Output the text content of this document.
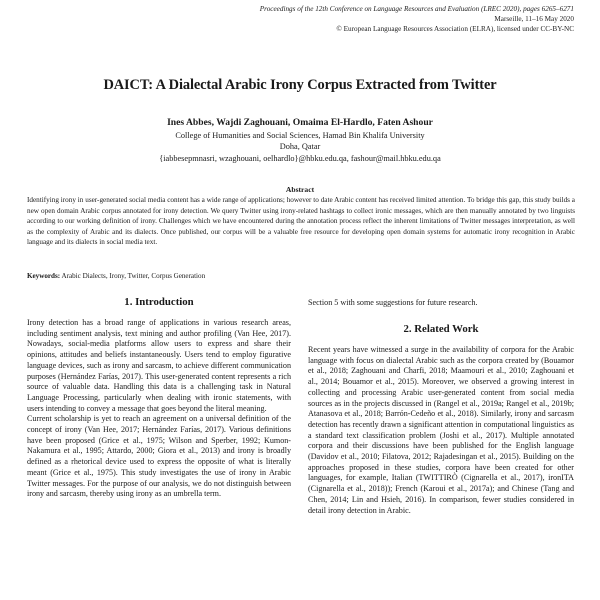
Proceedings of the 12th Conference on Language Resources and Evaluation (LREC 2020), pages 6265–6271
Marseille, 11–16 May 2020
© European Language Resources Association (ELRA), licensed under CC-BY-NC
DAICT: A Dialectal Arabic Irony Corpus Extracted from Twitter
Ines Abbes, Wajdi Zaghouani, Omaima El-Hardlo, Faten Ashour
College of Humanities and Social Sciences, Hamad Bin Khalifa University
Doha, Qatar
{iabbesepmnasri, wzaghouani, oelhardlo}@hbku.edu.qa, fashour@mail.hbku.edu.qa
Abstract
Identifying irony in user-generated social media content has a wide range of applications; however to date Arabic content has received limited attention. To bridge this gap, this study builds a new open domain Arabic corpus annotated for irony detection. We query Twitter using irony-related hashtags to collect ironic messages, which are then manually annotated by two linguists according to our working definition of irony. Challenges which we have encountered during the annotation process reflect the inherent limitations of Twitter messages interpretation, as well as the complexity of Arabic and its dialects. Once published, our corpus will be a valuable free resource for developing open domain systems for automatic irony recognition in Arabic language and its dialects in social media text.
Keywords: Arabic Dialects, Irony, Twitter, Corpus Generation
1. Introduction

Irony detection has a broad range of applications in various research areas, including sentiment analysis, text mining and author profiling (Van Hee, 2017). Nowadays, social-media platforms allow users to express and share their opinions, attitudes and beliefs instantaneously. Users tend to employ figurative language devices, such as irony and sarcasm, to achieve different communication purposes (Hernández Farías, 2017). This user-generated content represents a rich source of valuable data. Handling this data is a challenging task in Natural Language Processing, particularly when dealing with ironic statements, with users intending to convey a message that goes beyond the literal meaning.

Current scholarship is yet to reach an agreement on a universal definition of the concept of irony (Van Hee, 2017; Hernández Farías, 2017). Various definitions have been proposed (Grice et al., 1975; Wilson and Sperber, 1992; Kumon-Nakamura et al., 1995; Attardo, 2000; Giora et al., 2013) and irony is broadly defined as a rhetorical device used to express the opposite of what is literally meant (Grice et al., 1975). This study investigates the use of irony in Arabic Twitter messages. For the purpose of our analysis, we do not distinguish between irony and sarcasm, thereby using irony as an umbrella term.

Section 5 with some suggestions for future research.
2. Related Work

Recent years have witnessed a surge in the availability of corpora for the Arabic language with focus on dialectal Arabic such as the corpora created by (Bouamor et al., 2018; Zaghouani and Charfi, 2018; Maamouri et al., 2010; Zaghouani et al., 2014; Bouamor et al., 2015). Moreover, we observed a growing interest in collecting and processing Arabic user-generated content from social media sources as in the projects discussed in (Rangel et al., 2019a; Rangel et al., 2019b; Atanasova et al., 2018; Barrón-Cedeño et al., 2018). Similarly, irony and sarcasm detection has recently drawn a significant attention in computational linguistics as a standard text classification problem (Joshi et al., 2017). Multiple annotated corpora and their discussions have been published for the English language (Davidov et al., 2010; Filatova, 2012; Rajadesingan et al., 2015). Building on the approaches proposed in these studies, corpora have been created for other languages, for example, Italian (TWITTIRÒ (Cignarella et al., 2017), ironITA (Cignarella et al., 2018)); French (Karoui et al., 2017a); and Chinese (Tang and Chen, 2014; Lin and Hsieh, 2016). In comparison, fewer studies considered in detail irony detection in Arabic.
